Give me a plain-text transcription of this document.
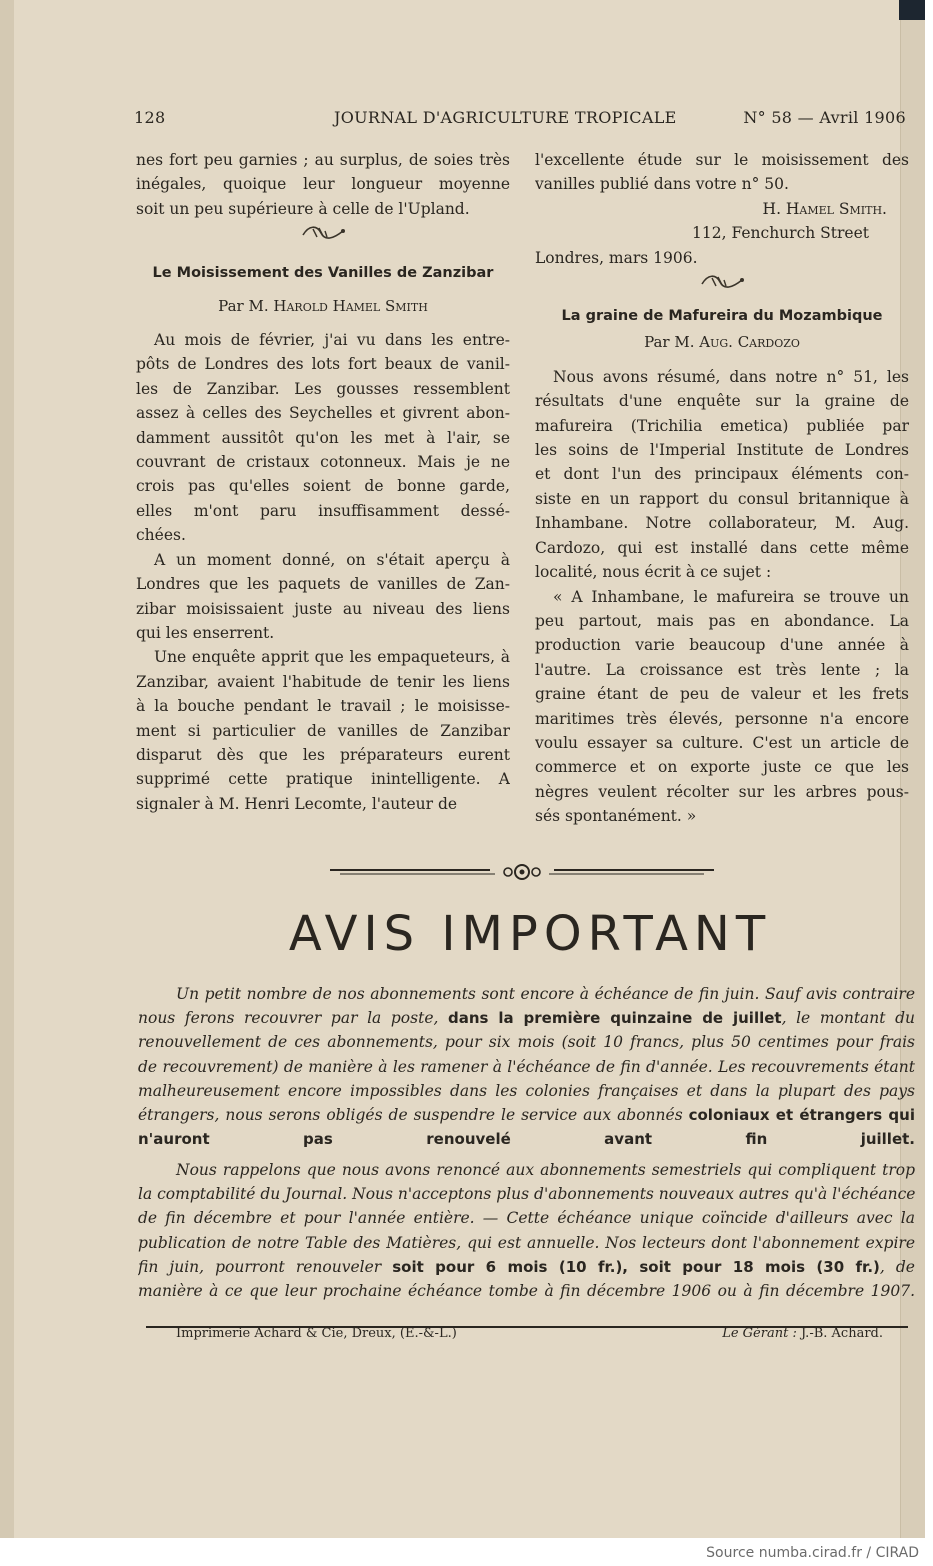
128	JOURNAL D'AGRICULTURE TROPICALE	N° 58 — Avril 1906
nes fort peu garnies ; au surplus, de soies très
inégales, quoique leur longueur moyenne
soit un peu supérieure à celle de l'Upland.
Le Moisissement des Vanilles de Zanzibar
Par M. Harold Hamel Smith

Au mois de février, j'ai vu dans les entre-
pôts de Londres des lots fort beaux de vanil-
les de Zanzibar. Les gousses ressemblent
assez à celles des Seychelles et givrent abon-
damment aussitôt qu'on les met à l'air, se
couvrant de cristaux cotonneux. Mais je ne
crois pas qu'elles soient de bonne garde,
elles m'ont paru insuffisamment dessé-
chées.

A un moment donné, on s'était aperçu à
Londres que les paquets de vanilles de Zan-
zibar moisissaient juste au niveau des liens
qui les enserrent.

Une enquête apprit que les empaqueteurs, à
Zanzibar, avaient l'habitude de tenir les liens
à la bouche pendant le travail ; le moisisse-
ment si particulier de vanilles de Zanzibar
disparut dès que les préparateurs eurent
supprimé cette pratique inintelligente. A
signaler à M. Henri Lecomte, l'auteur de

l'excellente étude sur le moisissement des
vanilles publié dans votre n° 50.
H. Hamel Smith.
112, Fenchurch Street
Londres, mars 1906.
La graine de Mafureira du Mozambique
Par M. Aug. Cardozo

Nous avons résumé, dans notre n° 51, les
résultats d'une enquête sur la graine de
mafureira (Trichilia emetica) publiée par
les soins de l'Imperial Institute de Londres
et dont l'un des principaux éléments con-
siste en un rapport du consul britannique à
Inhambane. Notre collaborateur, M. Aug.
Cardozo, qui est installé dans cette même
localité, nous écrit à ce sujet :

« A Inhambane, le mafureira se trouve un
peu partout, mais pas en abondance. La
production varie beaucoup d'une année à
l'autre. La croissance est très lente ; la
graine étant de peu de valeur et les frets
maritimes très élevés, personne n'a encore
voulu essayer sa culture. C'est un article de
commerce et on exporte juste ce que les
nègres veulent récolter sur les arbres pous-
sés spontanément. »

AVIS IMPORTANT
Un petit nombre de nos abonnements sont encore à échéance de fin juin. Sauf avis contraire
nous ferons recouvrer par la poste, dans la première quinzaine de juillet, le montant du
renouvellement de ces abonnements, pour six mois (soit 10 francs, plus 50 centimes pour frais
de recouvrement) de manière à les ramener à l'échéance de fin d'année. Les recouvrements étant
malheureusement encore impossibles dans les colonies françaises et dans la plupart des pays
étrangers, nous serons obligés de suspendre le service aux abonnés coloniaux et étrangers qui
n'auront pas renouvelé avant fin juillet.
Nous rappelons que nous avons renoncé aux abonnements semestriels qui compliquent trop
la comptabilité du Journal. Nous n'acceptons plus d'abonnements nouveaux autres qu'à l'échéance
de fin décembre et pour l'année entière. — Cette échéance unique coïncide d'ailleurs avec la
publication de notre Table des Matières, qui est annuelle. Nos lecteurs dont l'abonnement expire
fin juin, pourront renouveler soit pour 6 mois (10 fr.), soit pour 18 mois (30 fr.), de
manière à ce que leur prochaine échéance tombe à fin décembre 1906 ou à fin décembre 1907.
Imprimerie Achard & Cie, Dreux, (E.-&-L.)	Le Gérant : J.-B. Achard.
Source numba.cirad.fr / CIRAD
